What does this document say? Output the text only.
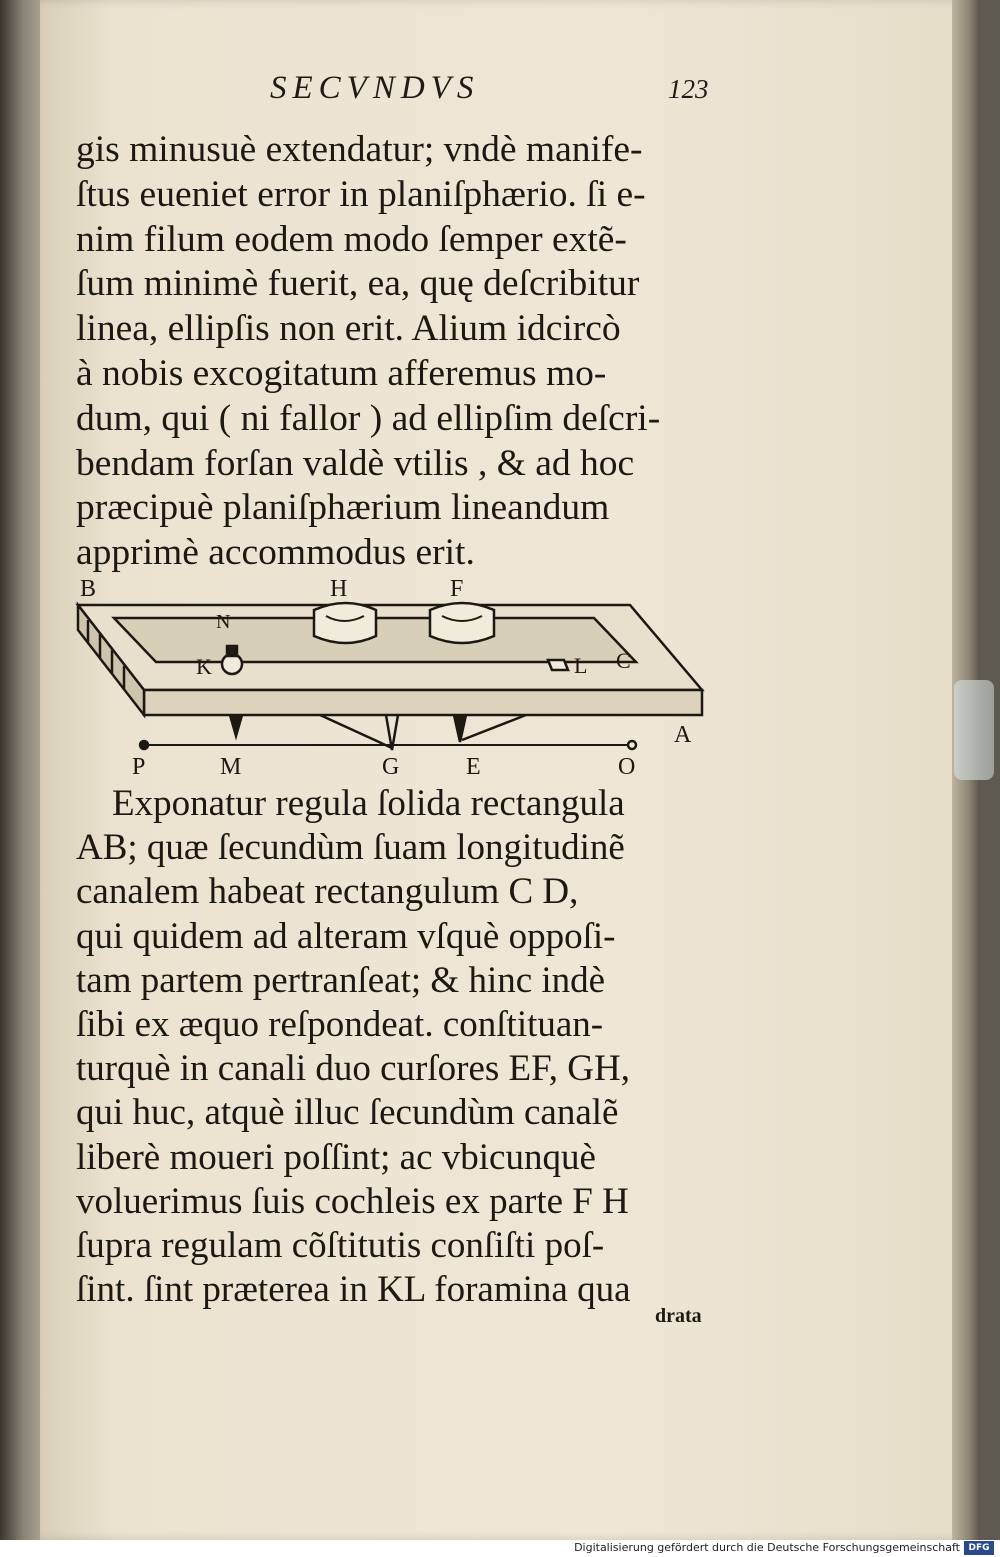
SECVNDVS	123
gis minusuè extendatur; vndè manife-
ſtus eueniet error in planiſphærio. ſi e-
nim filum eodem modo ſemper extẽ-
ſum minimè fuerit, ea, quę deſcribitur
linea, ellipſis non erit. Alium idcircò
à nobis excogitatum afferemus mo-
dum, qui ( ni fallor ) ad ellipſim deſcri-
bendam forſan valdè vtilis , & ad hoc
præcipuè planiſphærium lineandum
apprimè accommodus erit.
B	H	F
N
K	L C
A
P	M	G	E	O
Exponatur regula ſolida rectangula
AB; quæ ſecundùm ſuam longitudinẽ
canalem habeat rectangulum C D,
qui quidem ad alteram vſquè oppoſi-
tam partem pertranſeat; & hinc indè
ſibi ex æquo reſpondeat. conſtituan-
turquè in canali duo curſores EF, GH,
qui huc, atquè illuc ſecundùm canalẽ
liberè moueri poſſint; ac vbicunquè
voluerimus ſuis cochleis ex parte F H
ſupra regulam cõſtitutis conſiſti poſ-
ſint. ſint præterea in KL foramina qua
drata
Digitalisierung gefördert durch die Deutsche Forschungsgemeinschaft DFG
